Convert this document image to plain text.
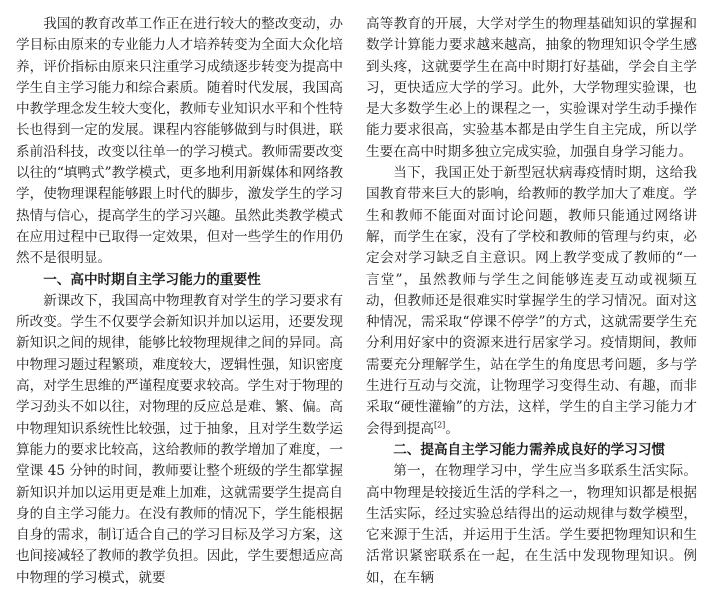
我国的教育改革工作正在进行较大的整改变动，办学目标由原来的专业能力人才培养转变为全面大众化培养，评价指标由原来只注重学习成绩逐步转变为提高中学生自主学习能力和综合素质。随着时代发展，我国高中教学理念发生较大变化，教师专业知识水平和个性特长也得到一定的发展。课程内容能够做到与时俱进，联系前沿科技，改变以往单一的学习模式。教师需要改变以往的“填鸭式”教学模式，更多地利用新媒体和网络教学，使物理课程能够跟上时代的脚步，激发学生的学习热情与信心，提高学生的学习兴趣。虽然此类教学模式在应用过程中已取得一定效果，但对一些学生的作用仍然不是很明显。

一、高中时期自主学习能力的重要性

新课改下，我国高中物理教育对学生的学习要求有所改变。学生不仅要学会新知识并加以运用，还要发现新知识之间的规律，能够比较物理规律之间的异同。高中物理习题过程繁琐，难度较大，逻辑性强，知识密度高，对学生思维的严谨程度要求较高。学生对于物理的学习劲头不如以往，对物理的反应总是难、繁、偏。高中物理知识系统性比较强，过于抽象，且对学生数学运算能力的要求比较高，这给教师的教学增加了难度，一堂课 45 分钟的时间，教师要让整个班级的学生都掌握新知识并加以运用更是难上加难，这就需要学生提高自身的自主学习能力。在没有教师的情况下，学生能根据自身的需求，制订适合自己的学习目标及学习方案，这也间接减轻了教师的教学负担。因此，学生要想适应高中物理的学习模式，就要

高等教育的开展，大学对学生的物理基础知识的掌握和数学计算能力要求越来越高，抽象的物理知识令学生感到头疼，这就要学生在高中时期打好基础，学会自主学习，更快适应大学的学习。此外，大学物理实验课，也是大多数学生必上的课程之一，实验课对学生动手操作能力要求很高，实验基本都是由学生自主完成，所以学生要在高中时期多独立完成实验，加强自身学习能力。

当下，我国正处于新型冠状病毒疫情时期，这给我国教育带来巨大的影响，给教师的教学加大了难度。学生和教师不能面对面讨论问题，教师只能通过网络讲解，而学生在家，没有了学校和教师的管理与约束，必定会对学习缺乏自主意识。网上教学变成了教师的“一言堂”，虽然教师与学生之间能够连麦互动或视频互动，但教师还是很难实时掌握学生的学习情况。面对这种情况，需采取“停课不停学”的方式，这就需要学生充分利用好家中的资源来进行居家学习。疫情期间，教师需要充分理解学生，站在学生的角度思考问题，多与学生进行互动与交流，让物理学习变得生动、有趣，而非采取“硬性灌输”的方法，这样，学生的自主学习能力才会得到提高[2]。

二、提高自主学习能力需养成良好的学习习惯

第一，在物理学习中，学生应当多联系生活实际。高中物理是较接近生活的学科之一，物理知识都是根据生活实际，经过实验总结得出的运动规律与数学模型，它来源于生活，并运用于生活。学生要把物理知识和生活常识紧密联系在一起，在生活中发现物理知识。例如，在车辆
